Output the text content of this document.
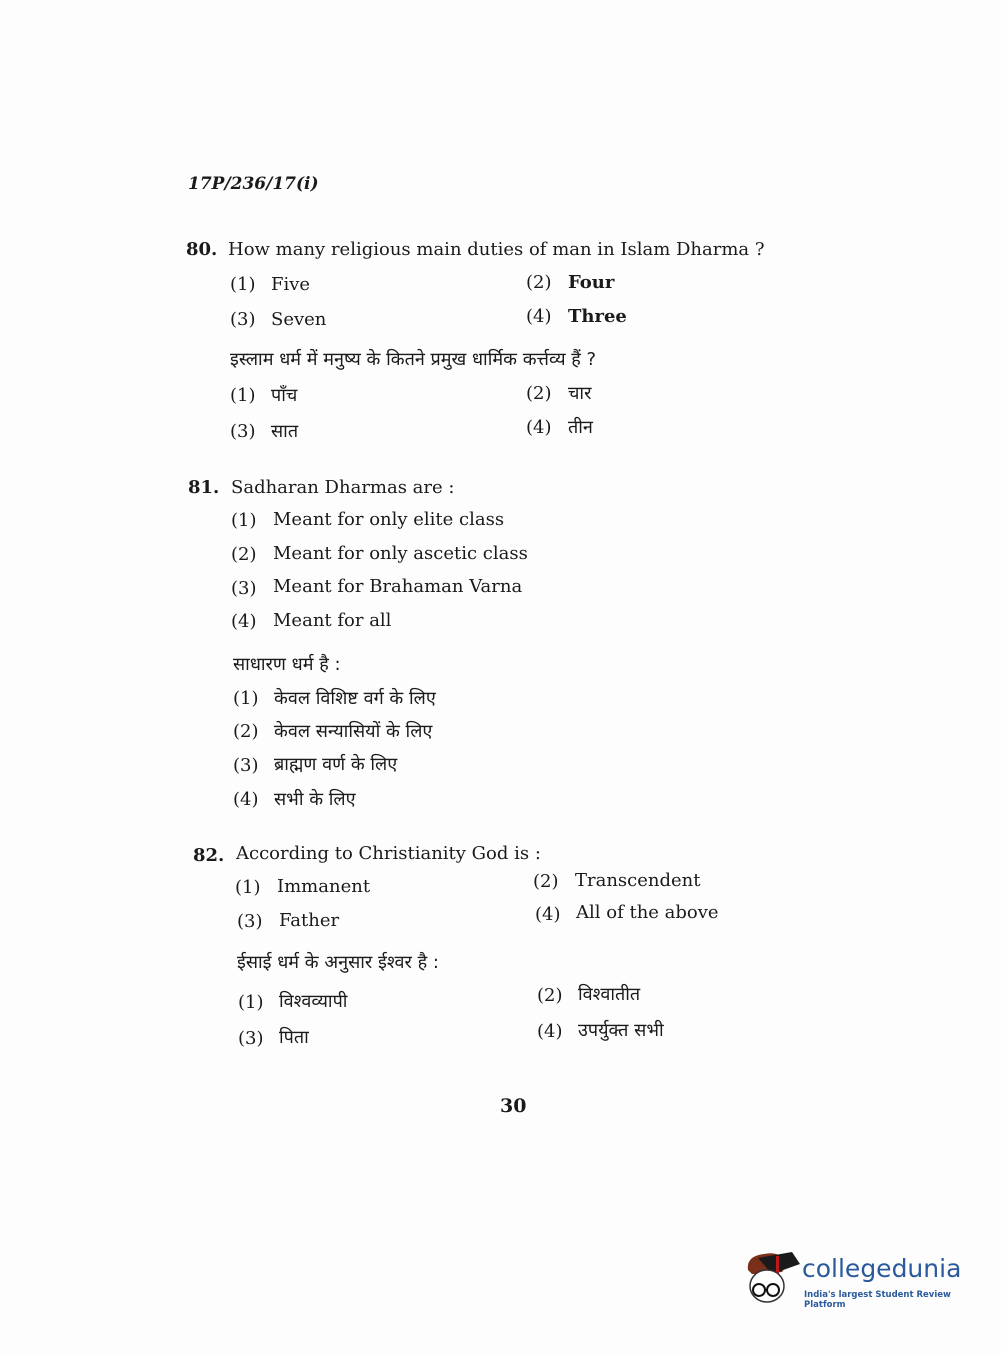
17P/236/17(i)
80. How many religious main duties of man in Islam Dharma ?
(1) Five	(2) Four
(3) Seven	(4) Three
इस्लाम धर्म में मनुष्य के कितने प्रमुख धार्मिक कर्त्तव्य हैं ?
(1) पाँच	(2) चार
(3) सात	(4) तीन
81. Sadharan Dharmas are :
(1) Meant for only elite class
(2) Meant for only ascetic class
(3) Meant for Brahaman Varna
(4) Meant for all
साधारण धर्म है :
(1) केवल विशिष्ट वर्ग के लिए
(2) केवल सन्यासियों के लिए
(3) ब्राह्मण वर्ण के लिए
(4) सभी के लिए
82. According to Christianity God is :
(1) Immanent	(2) Transcendent
(3) Father	(4) All of the above
ईसाई धर्म के अनुसार ईश्वर है :
(1) विश्वव्यापी	(2) विश्वातीत
(3) पिता	(4) उपर्युक्त सभी
30
collegedunia
India's largest Student Review Platform
